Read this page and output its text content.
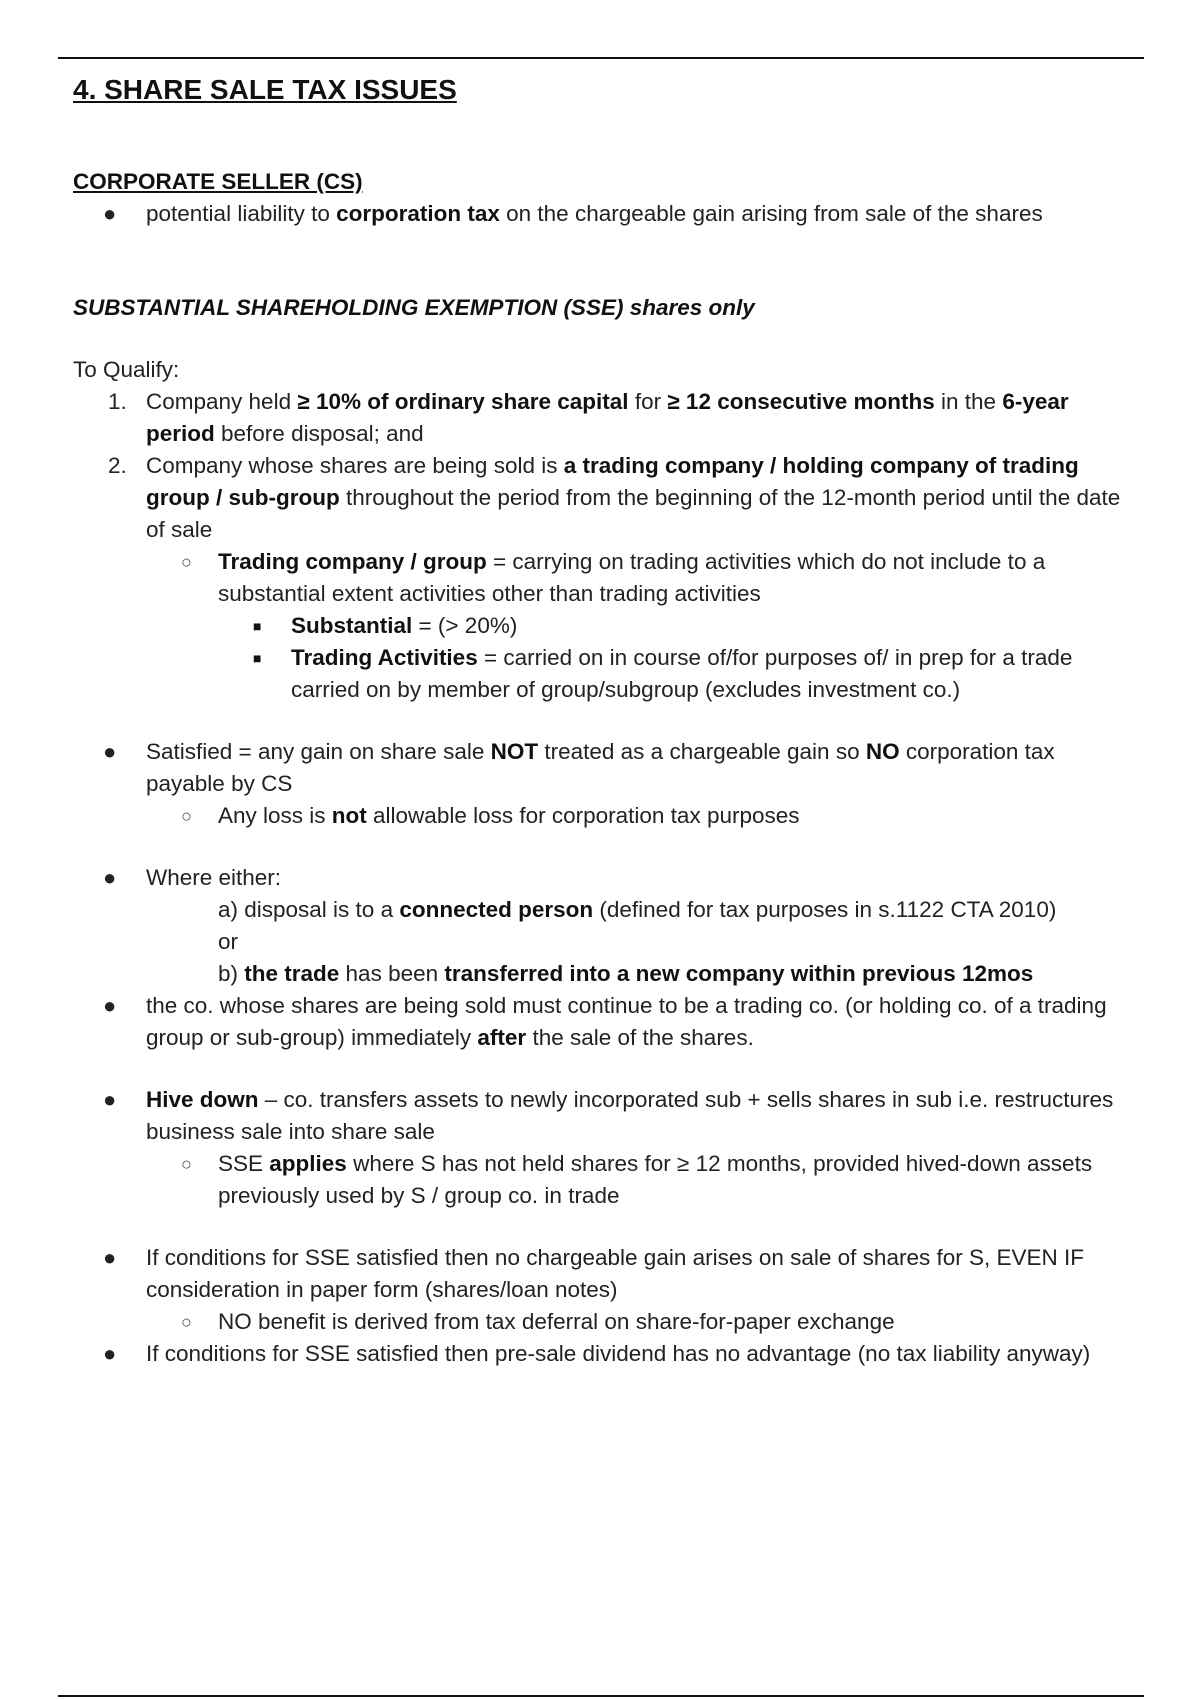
4. SHARE SALE TAX ISSUES
CORPORATE SELLER (CS)
●	potential liability to corporation tax on the chargeable gain arising from sale of the shares
SUBSTANTIAL SHAREHOLDING EXEMPTION (SSE) shares only
To Qualify:
1. Company held ≥ 10% of ordinary share capital for ≥ 12 consecutive months in the 6-year period before disposal; and
2. Company whose shares are being sold is a trading company / holding company of trading group / sub-group throughout the period from the beginning of the 12-month period until the date of sale
○ Trading company / group = carrying on trading activities which do not include to a substantial extent activities other than trading activities
■ Substantial = (> 20%)
■ Trading Activities = carried on in course of/for purposes of/ in prep for a trade carried on by member of group/subgroup (excludes investment co.)
●	Satisfied = any gain on share sale NOT treated as a chargeable gain so NO corporation tax payable by CS
○ Any loss is not allowable loss for corporation tax purposes
●	Where either:
a) disposal is to a connected person (defined for tax purposes in s.1122 CTA 2010)
or
b) the trade has been transferred into a new company within previous 12mos
●	the co. whose shares are being sold must continue to be a trading co. (or holding co. of a trading group or sub-group) immediately after the sale of the shares.
●	Hive down – co. transfers assets to newly incorporated sub + sells shares in sub i.e. restructures business sale into share sale
○ SSE applies where S has not held shares for ≥ 12 months, provided hived-down assets previously used by S / group co. in trade
●	If conditions for SSE satisfied then no chargeable gain arises on sale of shares for S, EVEN IF consideration in paper form (shares/loan notes)
○ NO benefit is derived from tax deferral on share-for-paper exchange
●	If conditions for SSE satisfied then pre-sale dividend has no advantage (no tax liability anyway)
